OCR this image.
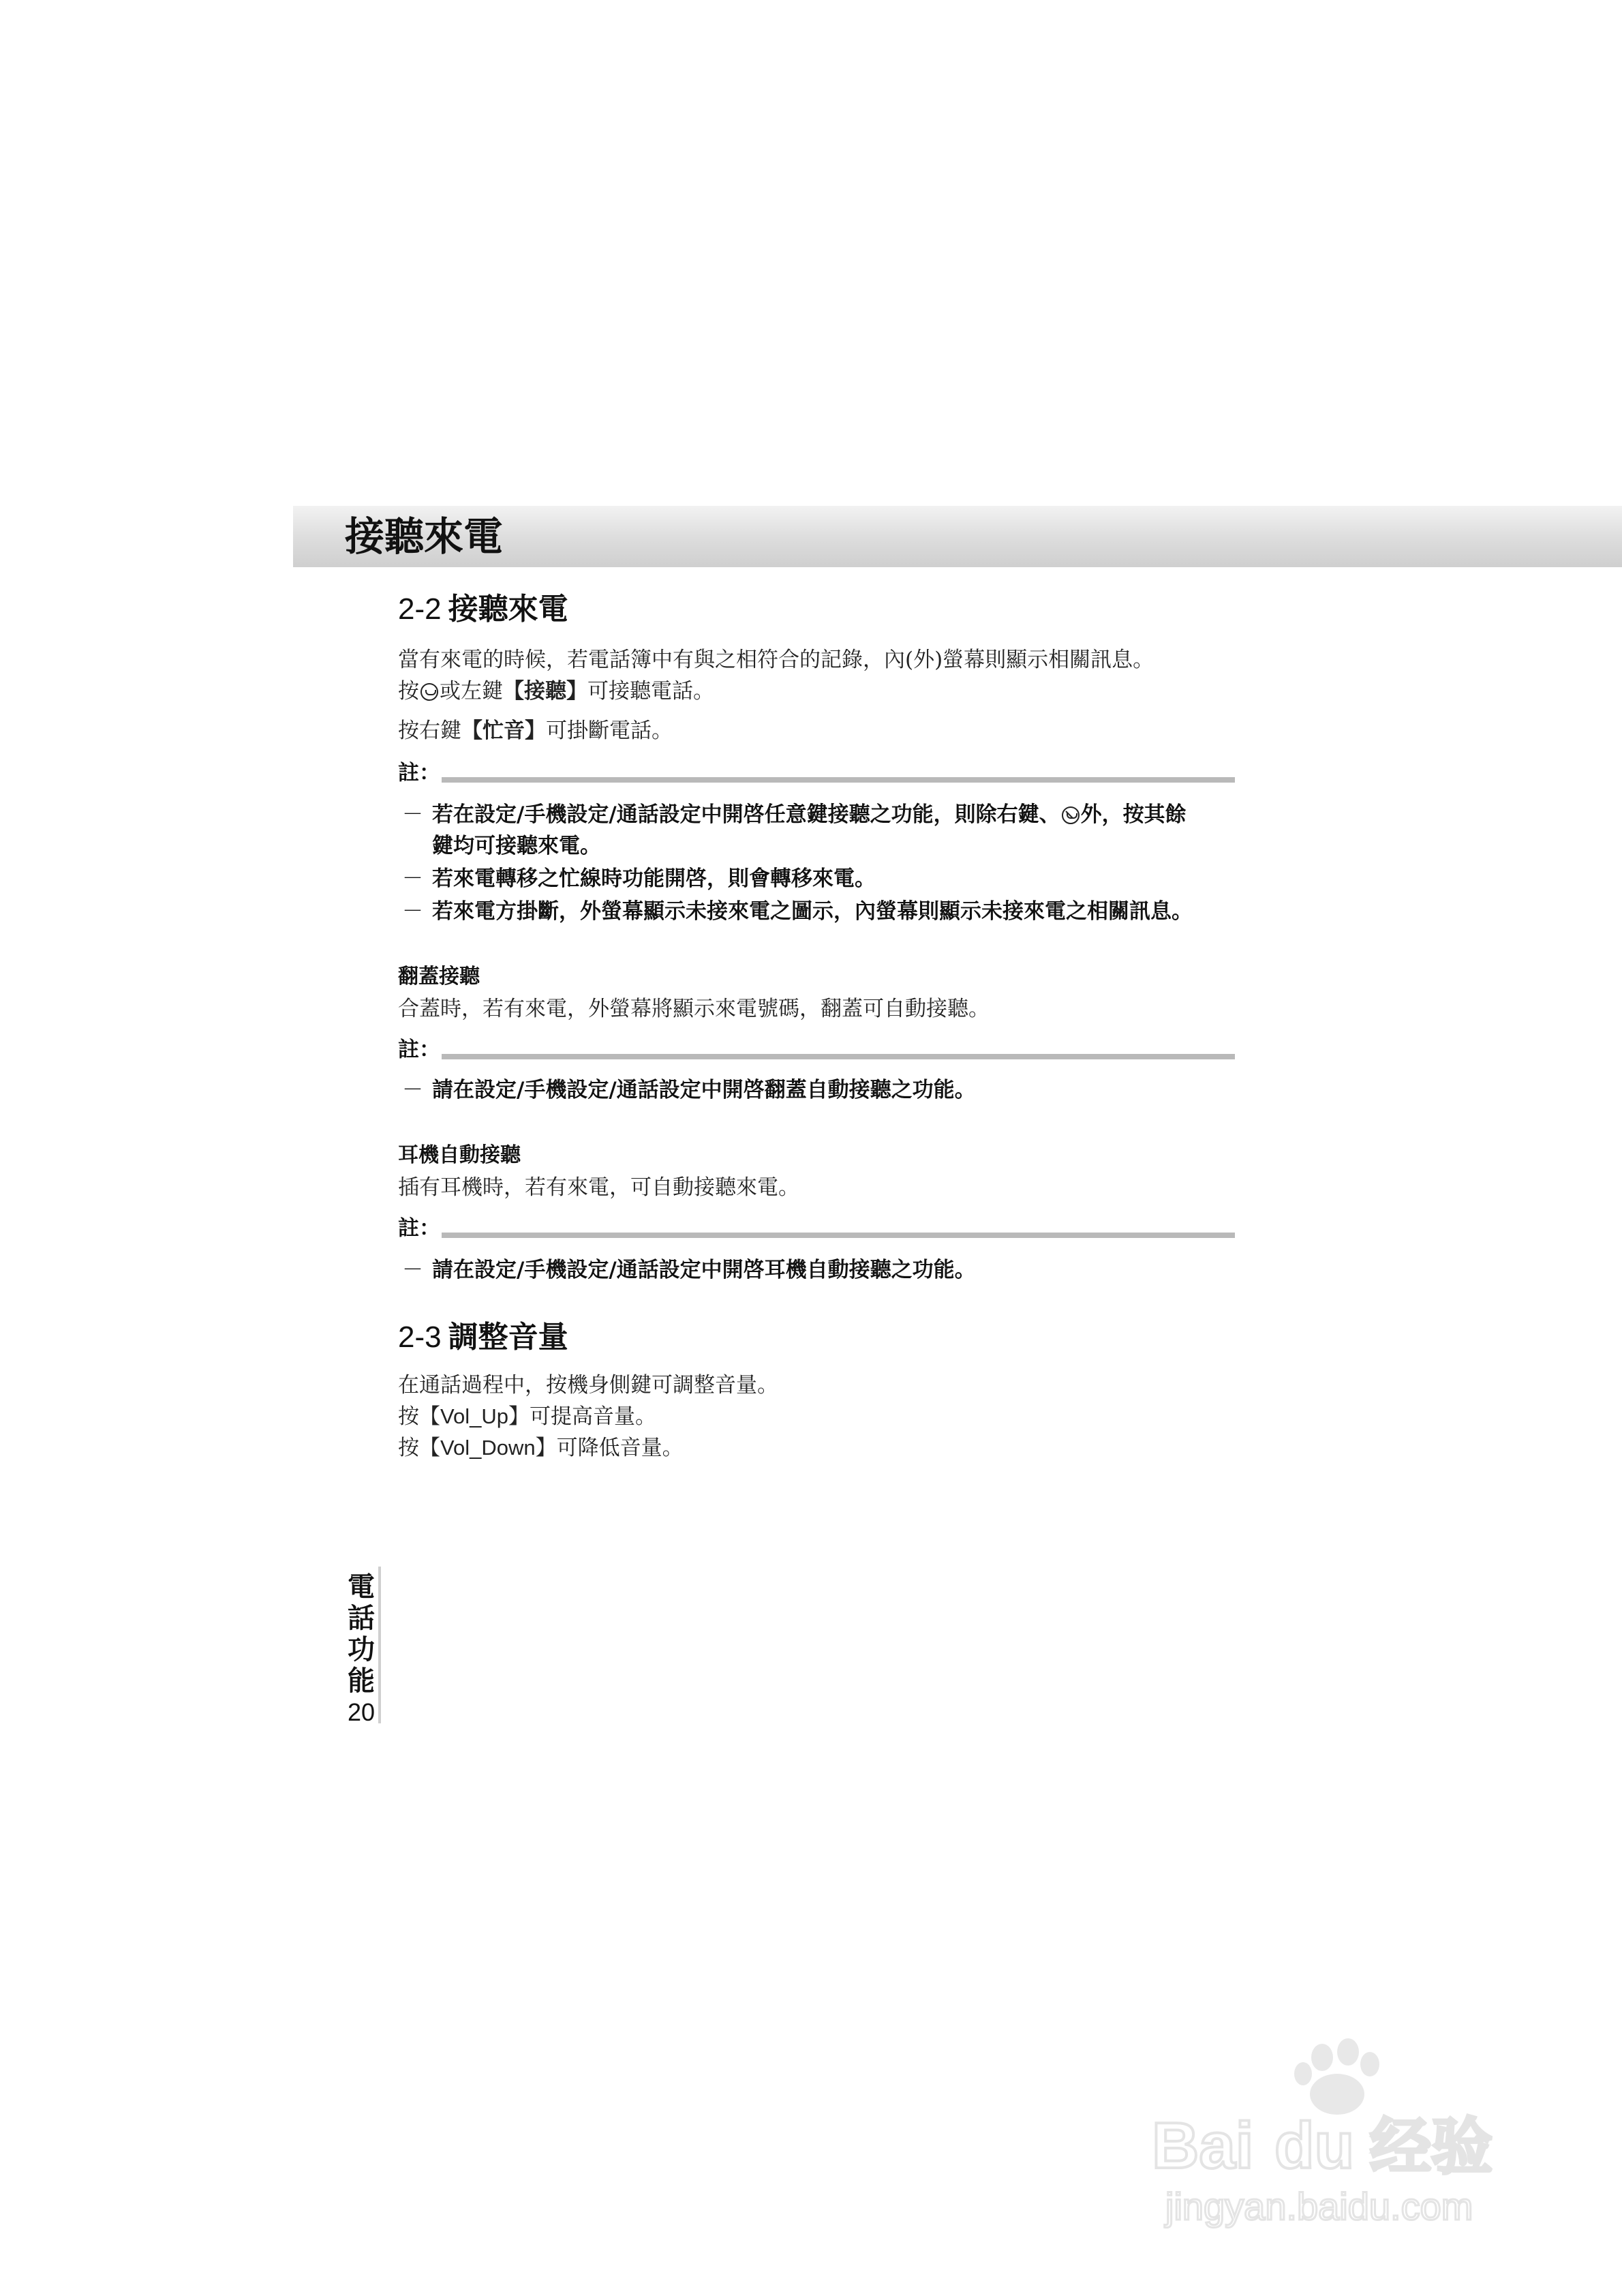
接聽來電
2-2 接聽來電
當有來電的時候，若電話簿中有與之相符合的記錄，內(外)螢幕則顯示相關訊息。
按 或左鍵【接聽】可接聽電話。
按右鍵【忙音】可掛斷電話。
註：
－ 若在設定/手機設定/通話設定中開啓任意鍵接聽之功能，則除右鍵、 外，按其餘
鍵均可接聽來電。
－ 若來電轉移之忙線時功能開啓，則會轉移來電。
－ 若來電方掛斷，外螢幕顯示未接來電之圖示，內螢幕則顯示未接來電之相關訊息。
翻蓋接聽
合蓋時，若有來電，外螢幕將顯示來電號碼，翻蓋可自動接聽。
註：
－ 請在設定/手機設定/通話設定中開啓翻蓋自動接聽之功能。
耳機自動接聽
插有耳機時，若有來電，可自動接聽來電。
註：
－ 請在設定/手機設定/通話設定中開啓耳機自動接聽之功能。
2-3 調整音量
在通話過程中，按機身側鍵可調整音量。
按【Vol_Up】可提高音量。
按【Vol_Down】可降低音量。
電
話
功
能
20
Bai du 经验
jingyan.baidu.com
